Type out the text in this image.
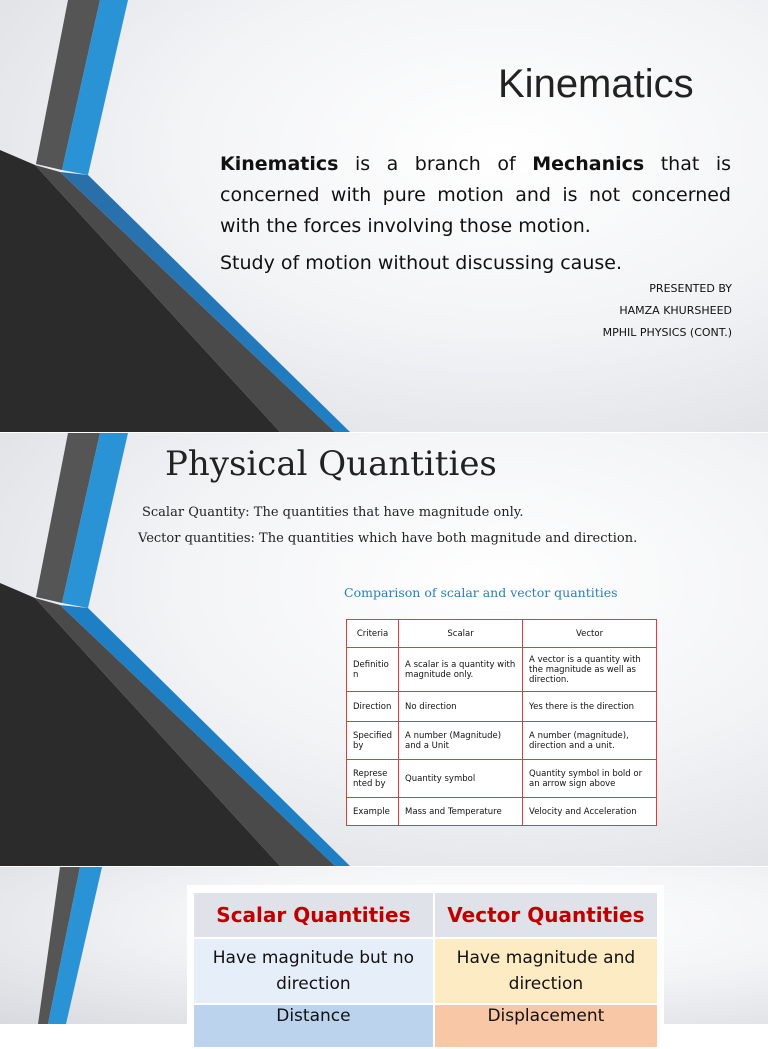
Kinematics
Kinematics is a branch of Mechanics that is concerned with pure motion and is not concerned with the forces involving those motion.
Study of motion without discussing cause.
PRESENTED BY
HAMZA KHURSHEED
MPHIL PHYSICS (CONT.)
Physical Quantities
Scalar Quantity: The quantities that have magnitude only.
Vector quantities: The quantities which have both magnitude and direction.
Comparison of scalar and vector quantities
Criteria	Scalar	Vector
Definitio n	A scalar is a quantity with magnitude only.	A vector is a quantity with the magnitude as well as direction.
Direction	No direction	Yes there is the direction
Specified by	A number (Magnitude) and a Unit	A number (magnitude), direction and a unit.
Represe nted by	Quantity symbol	Quantity symbol in bold or an arrow sign above
Example	Mass and Temperature	Velocity and Acceleration
Scalar Quantities	Vector Quantities
Have magnitude but no direction	Have magnitude and direction
Distance	Displacement
